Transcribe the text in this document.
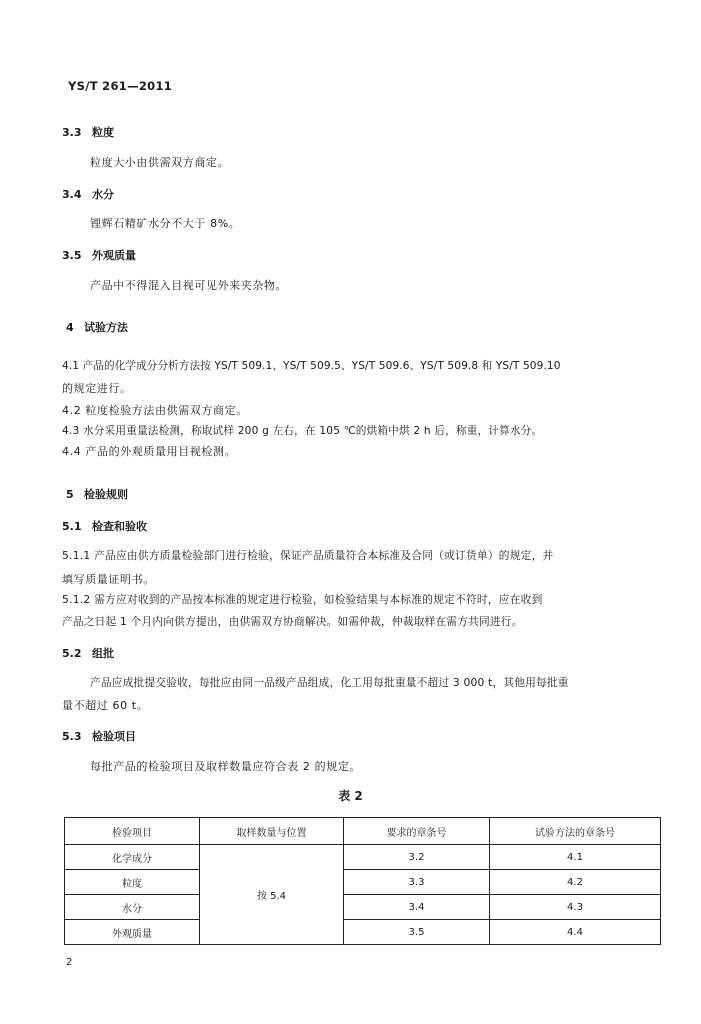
YS/T 261—2011
3.3 粒度
粒度大小由供需双方商定。
3.4 水分
锂辉石精矿水分不大于 8%。
3.5 外观质量
产品中不得混入目视可见外来夹杂物。
4 试验方法
4.1 产品的化学成分分析方法按 YS/T 509.1、YS/T 509.5、YS/T 509.6、YS/T 509.8 和 YS/T 509.10
的规定进行。
4.2 粒度检验方法由供需双方商定。
4.3 水分采用重量法检测，称取试样 200 g 左右，在 105 ℃的烘箱中烘 2 h 后，称重，计算水分。
4.4 产品的外观质量用目视检测。
5 检验规则
5.1 检查和验收
5.1.1 产品应由供方质量检验部门进行检验，保证产品质量符合本标准及合同（或订货单）的规定，并
填写质量证明书。
5.1.2 需方应对收到的产品按本标准的规定进行检验，如检验结果与本标准的规定不符时，应在收到
产品之日起 1 个月内向供方提出，由供需双方协商解决。如需仲裁，仲裁取样在需方共同进行。
5.2 组批
产品应成批提交验收，每批应由同一品级产品组成，化工用每批重量不超过 3 000 t，其他用每批重
量不超过 60 t。
5.3 检验项目
每批产品的检验项目及取样数量应符合表 2 的规定。
表 2
检验项目	取样数量与位置	要求的章条号	试验方法的章条号
化学成分	按 5.4	3.2	4.1
粒度		3.3	4.2
水分		3.4	4.3
外观质量		3.5	4.4
2
